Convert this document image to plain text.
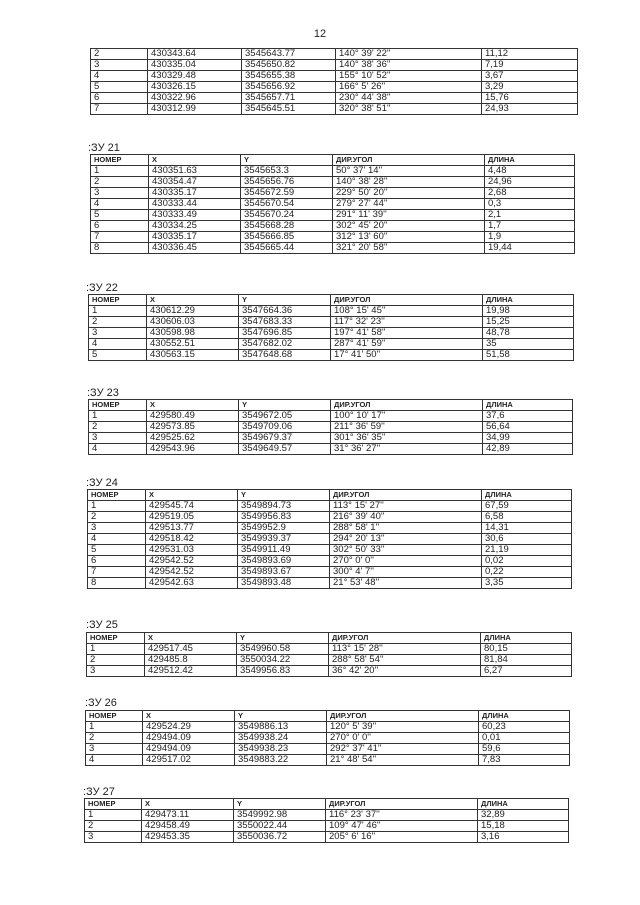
12
2	430343.64	3545643.77	140° 39' 22''	11,12
3	430335.04	3545650.82	140° 38' 36''	7,19
4	430329.48	3545655.38	155° 10' 52''	3,67
5	430326.15	3545656.92	166° 5' 26''	3,29
6	430322.96	3545657.71	230° 44' 38''	15,76
7	430312.99	3545645.51	320° 38' 51''	24,93
:ЗУ 21
НОМЕР	X	Y	ДИР.УГОЛ	ДЛИНА
1	430351.63	3545653.3	50° 37' 14''	4,48
2	430354.47	3545656.76	140° 38' 28''	24,96
3	430335.17	3545672.59	229° 50' 20''	2,68
4	430333.44	3545670.54	279° 27' 44''	0,3
5	430333.49	3545670.24	291° 11' 39''	2,1
6	430334.25	3545668.28	302° 45' 20''	1,7
7	430335.17	3545666.85	312° 13' 60''	1,9
8	430336.45	3545665.44	321° 20' 58''	19,44
:ЗУ 22
НОМЕР	X	Y	ДИР.УГОЛ	ДЛИНА
1	430612.29	3547664.36	108° 15' 45''	19,98
2	430606.03	3547683.33	117° 32' 23''	15,25
3	430598.98	3547696.85	197° 41' 58''	48,78
4	430552.51	3547682.02	287° 41' 59''	35
5	430563.15	3547648.68	17° 41' 50''	51,58
:ЗУ 23
НОМЕР	X	Y	ДИР.УГОЛ	ДЛИНА
1	429580.49	3549672.05	100° 10' 17''	37,6
2	429573.85	3549709.06	211° 36' 59''	56,64
3	429525.62	3549679.37	301° 36' 35''	34,99
4	429543.96	3549649.57	31° 36' 27''	42,89
:ЗУ 24
НОМЕР	X	Y	ДИР.УГОЛ	ДЛИНА
1	429545.74	3549894.73	113° 15' 27''	67,59
2	429519.05	3549956.83	216° 39' 40''	6,58
3	429513.77	3549952.9	288° 58' 1''	14,31
4	429518.42	3549939.37	294° 20' 13''	30,6
5	429531.03	3549911.49	302° 50' 33''	21,19
6	429542.52	3549893.69	270° 0' 0''	0,02
7	429542.52	3549893.67	300° 4' 7''	0,22
8	429542.63	3549893.48	21° 53' 48''	3,35
:ЗУ 25
НОМЕР	X	Y	ДИР.УГОЛ	ДЛИНА
1	429517.45	3549960.58	113° 15' 28''	80,15
2	429485.8	3550034.22	288° 58' 54''	81,84
3	429512.42	3549956.83	36° 42' 20''	6,27
:ЗУ 26
НОМЕР	X	Y	ДИР.УГОЛ	ДЛИНА
1	429524.29	3549886.13	120° 5' 39''	60,23
2	429494.09	3549938.24	270° 0' 0''	0,01
3	429494.09	3549938.23	292° 37' 41''	59,6
4	429517.02	3549883.22	21° 48' 54''	7,83
:ЗУ 27
НОМЕР	X	Y	ДИР.УГОЛ	ДЛИНА
1	429473.11	3549992.98	116° 23' 37''	32,89
2	429458.49	3550022.44	109° 47' 46''	15,18
3	429453.35	3550036.72	205° 6' 16''	3,16
